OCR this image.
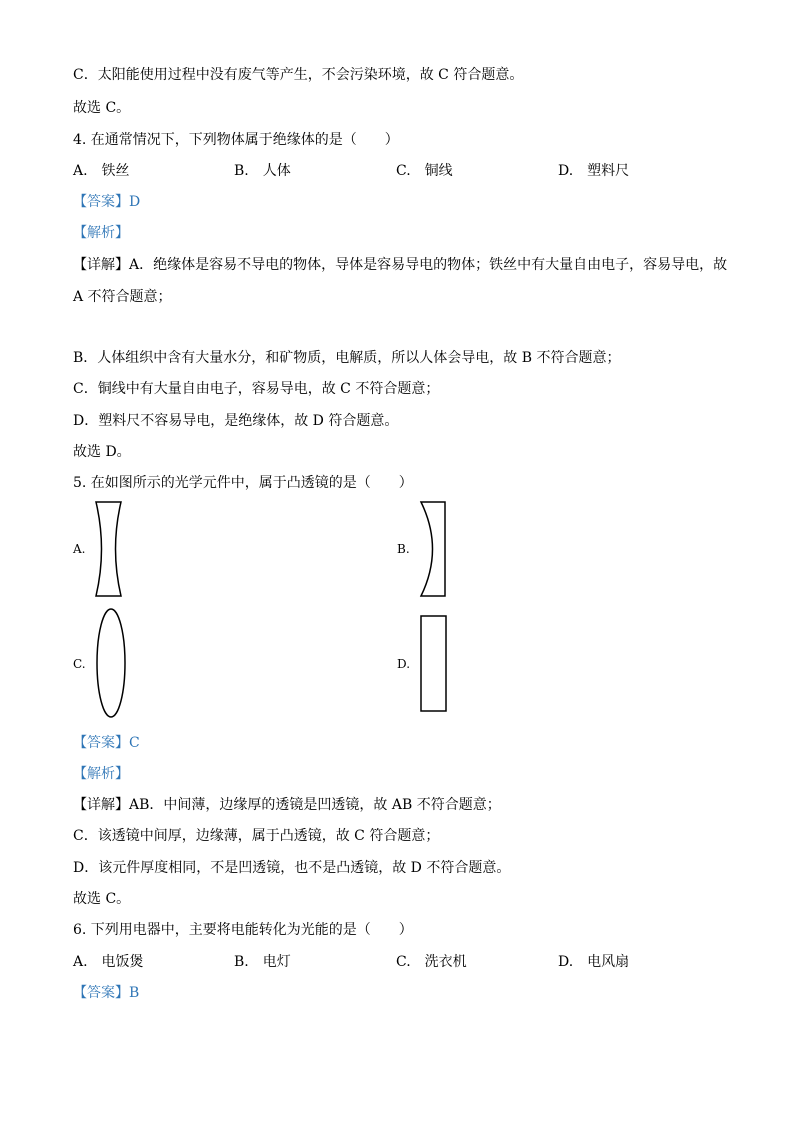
C．太阳能使用过程中没有废气等产生，不会污染环境，故 C 符合题意。
故选 C。
4. 在通常情况下，下列物体属于绝缘体的是（　　）
A.　铁丝	B.　人体	C.　铜线	D.　塑料尺
【答案】D
【解析】
【详解】A．绝缘体是容易不导电的物体，导体是容易导电的物体；铁丝中有大量自由电子，容易导电，故
A 不符合题意；
B．人体组织中含有大量水分，和矿物质，电解质，所以人体会导电，故 B 不符合题意；
C．铜线中有大量自由电子，容易导电，故 C 不符合题意；
D．塑料尺不容易导电，是绝缘体，故 D 符合题意。
故选 D。
5. 在如图所示的光学元件中，属于凸透镜的是（　　）
A.	B.
C.	D.
【答案】C
【解析】
【详解】AB．中间薄，边缘厚的透镜是凹透镜，故 AB 不符合题意；
C．该透镜中间厚，边缘薄，属于凸透镜，故 C 符合题意；
D．该元件厚度相同，不是凹透镜，也不是凸透镜，故 D 不符合题意。
故选 C。
6. 下列用电器中，主要将电能转化为光能的是（　　）
A.　电饭煲	B.　电灯	C.　洗衣机	D.　电风扇
【答案】B
